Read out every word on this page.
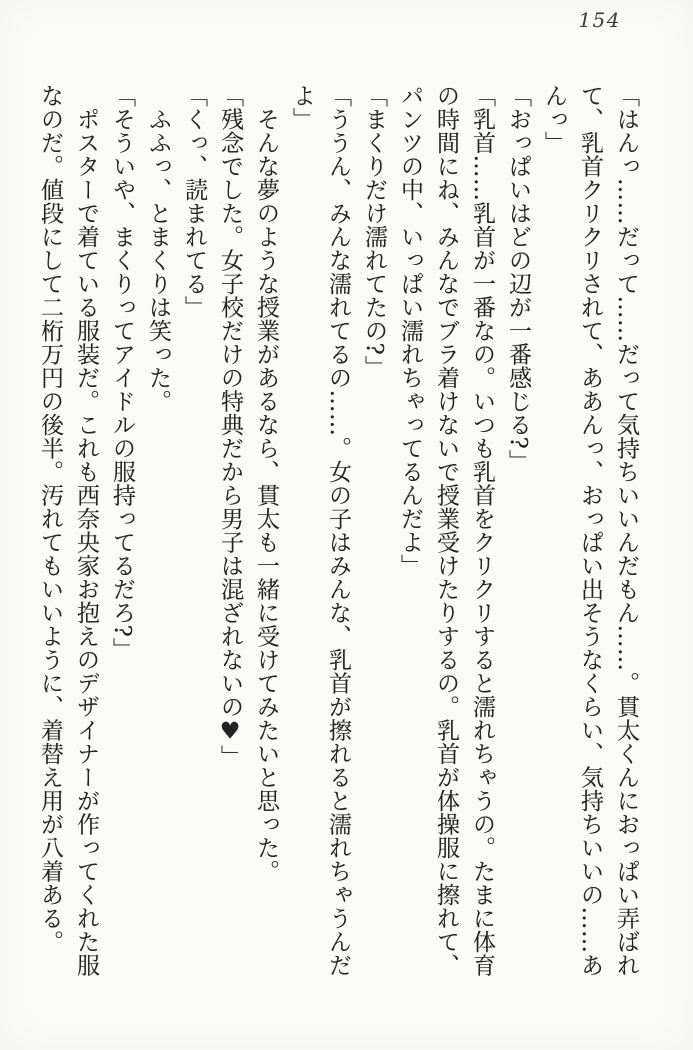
154

「はんっ……だって……だって気持ちいいんだもん……。貫太くんにおっぱい弄ばれ
て、乳首クリクリされて、ああんっ、おっぱい出そうなくらい、気持ちいいの……あ
んっ」

「おっぱいはどの辺が一番感じる?」

「乳首……乳首が一番なの。いつも乳首をクリクリすると濡れちゃうの。たまに体育
の時間にね、みんなでブラ着けないで授業受けたりするの。乳首が体操服に擦れて、
パンツの中、いっぱい濡れちゃってるんだよ」

「まくりだけ濡れてたの?」

「ううん、みんな濡れてるの……。女の子はみんな、乳首が擦れると濡れちゃうんだ
よ」

　そんな夢のような授業があるなら、貫太も一緒に受けてみたいと思った。

「残念でした。女子校だけの特典だから男子は混ざれないの♥」

「くっ、読まれてる」

　ふふっ、とまくりは笑った。

「そういや、まくりってアイドルの服持ってるだろ?」

　ポスターで着ている服装だ。これも西奈央家お抱えのデザイナーが作ってくれた服
なのだ。値段にして二桁万円の後半。汚れてもいいように、着替え用が八着ある。
